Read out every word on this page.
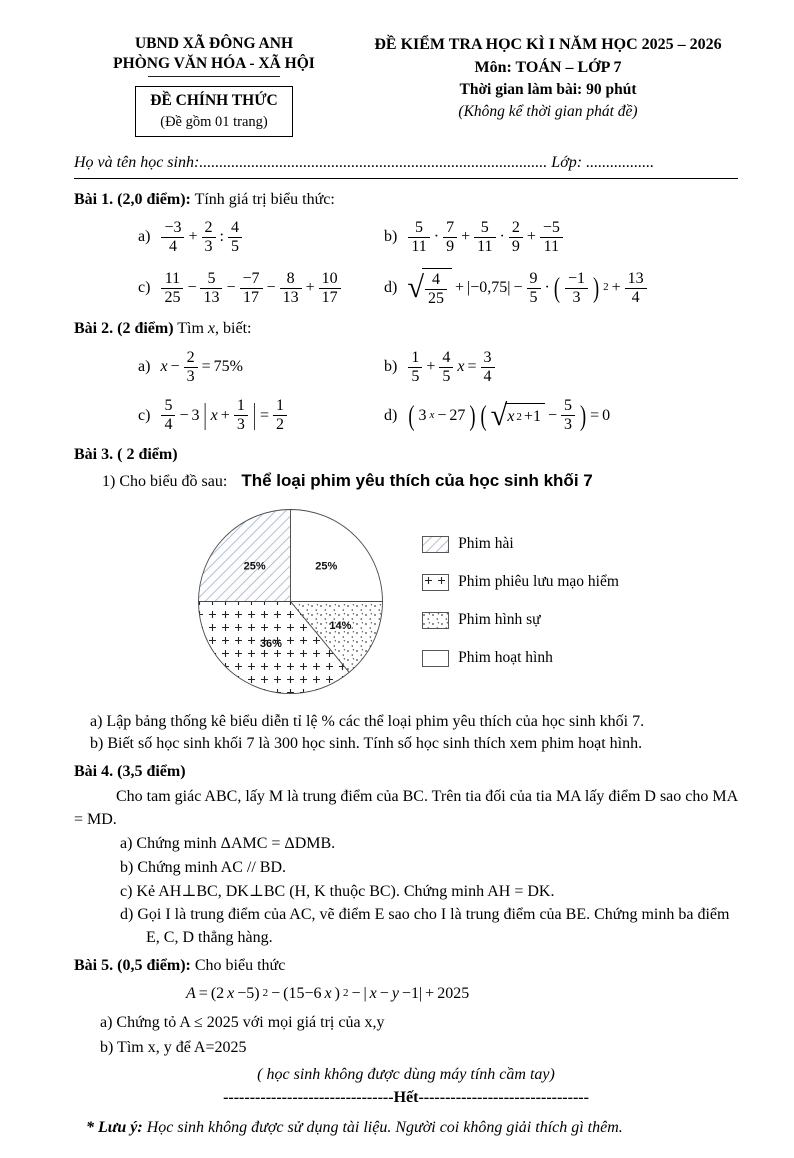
UBND XÃ ĐÔNG ANH
PHÒNG VĂN HÓA - XÃ HỘI
ĐỀ CHÍNH THỨC
(Đề gồm 01 trang)
ĐỀ KIỂM TRA HỌC KÌ I NĂM HỌC 2025 – 2026
Môn: TOÁN – LỚP 7
Thời gian làm bài: 90 phút
(Không kể thời gian phát đề)
Họ và tên học sinh:....................................................................................... Lớp: .................
Bài 1. (2,0 điểm): Tính giá trị biểu thức:
$a) \frac{-3}{4} + \frac{2}{3}$ : $\frac{4}{5}$	$b) \frac{5}{11} \cdot \frac{7}{9} + \frac{5}{11} \cdot \frac{2}{9} + \frac{-5}{11}$
$c) \frac{11}{25} - \frac{5}{13} - \frac{-7}{17} - \frac{8}{13} + \frac{10}{17}$	d) √ $\frac{4}{25} + |-0,75| - \frac{9}{5}$ · ( $\frac{-1}{3}$ ) $2 + \frac{13}{4}$
Bài 2. (2 điểm) Tìm x, biết:
a) $x - \frac{2}{3} = 75\%$	$b) \frac{1}{5} + \frac{4}{5}$ $x = \frac{3}{4}$
$c) \frac{5}{4} - 3$ | $x + \frac{1}{3}$ | = $\frac{1}{2}$	d) ( 3 x − 27 ) ( √ x $2 +1 - \frac{5}{3}$ ) = 0
Bài 3. ( 2 điểm)
1) Cho biểu đồ sau: Thể loại phim yêu thích của học sinh khối 7
25%
14%
36%
25%
Phim hài
Phim phiêu lưu mạo hiểm
Phim hình sự
Phim hoạt hình
a) Lập bảng thống kê biểu diễn tỉ lệ % các thể loại phim yêu thích của học sinh khối 7.
b) Biết số học sinh khối 7 là 300 học sinh. Tính số học sinh thích xem phim hoạt hình.
Bài 4. (3,5 điểm)
Cho tam giác ABC, lấy M là trung điểm của BC. Trên tia đối của tia MA lấy điểm D sao cho MA = MD.
a) Chứng minh ΔAMC = ΔDMB.
b) Chứng minh AC // BD.
c) Kẻ AH⊥BC, DK⊥BC (H, K thuộc BC). Chứng minh AH = DK.
d) Gọi I là trung điểm của AC, vẽ điểm E sao cho I là trung điểm của BE. Chứng minh ba điểm E, C, D thẳng hàng.
Bài 5. (0,5 điểm): Cho biểu thức
A = (2 x −5) 2 − (15−6 x ) 2 − | x − y −1| + 2025
a) Chứng tỏ A ≤ 2025 với mọi giá trị của x,y
b) Tìm x, y để A=2025
( học sinh không được dùng máy tính cầm tay)
--------------------------------Hết--------------------------------
* Lưu ý: Học sinh không được sử dụng tài liệu. Người coi không giải thích gì thêm.
